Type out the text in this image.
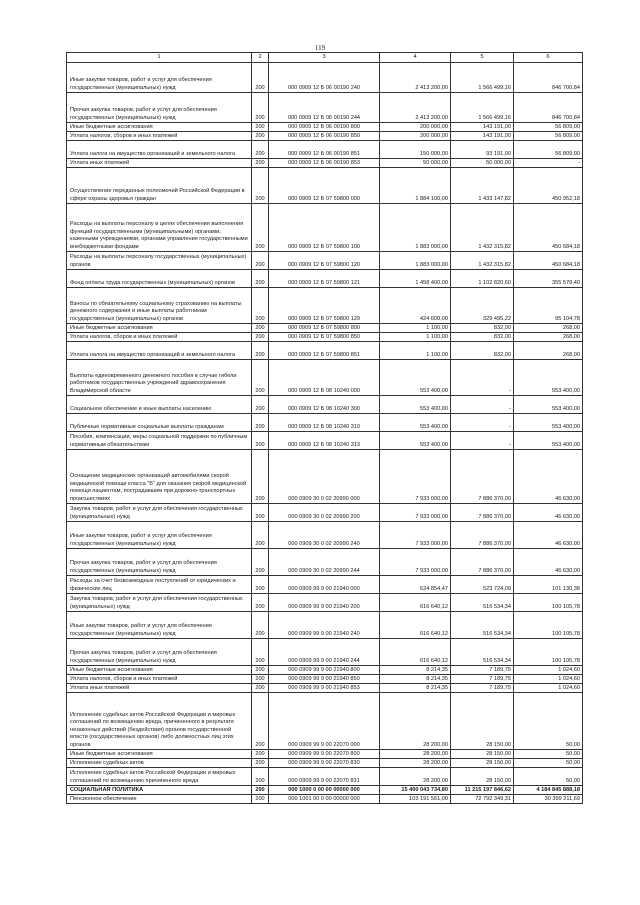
119
1	2	3	4	5	6
Иные закупки товаров, работ и услуг для обеспечения государственных (муниципальных) нужд	200	000 0909 12 Б 06 00190 240	2 413 200,00	1 566 499,16	846 700,84
Прочая закупка товаров, работ и услуг для обеспечения государственных (муниципальных) нужд	200	000 0909 12 Б 06 00190 244	2 413 200,00	1 566 499,16	846 700,84
Иные бюджетные ассигнования	200	000 0909 12 Б 06 00190 800	200 000,00	143 191,00	56 809,00
Уплата налогов, сборов и иных платежей	200	000 0909 12 Б 06 00190 850	200 000,00	143 191,00	56 809,00
Уплата налога на имущество организаций и земельного налога	200	000 0909 12 Б 06 00190 851	150 000,00	93 191,00	56 809,00
Уплата иных платежей	200	000 0909 12 Б 06 00190 853	50 000,00	50 000,00	-
Осуществление переданных полномочий Российской Федерации в сфере охраны здоровья граждан	200	000 0909 12 Б 07 59800 000	1 884 100,00	1 433 147,82	450 952,18
Расходы на выплаты персоналу в целях обеспечения выполнения функций государственными (муниципальными) органами, казенными учреждениями, органами управления государственными внебюджетными фондами	200	000 0909 12 Б 07 59800 100	1 883 000,00	1 432 315,82	450 684,18
Расходы на выплаты персоналу государственных (муниципальных) органов	200	000 0909 12 Б 07 59800 120	1 883 000,00	1 432 315,82	450 684,18
Фонд оплаты труда государственных (муниципальных) органов	200	000 0909 12 Б 07 59800 121	1 458 400,00	1 102 820,60	355 579,40
Взносы по обязательному социальному страхованию на выплаты денежного содержания и иные выплаты работникам государственных (муниципальных) органов	200	000 0909 12 Б 07 59800 129	424 600,00	329 495,22	95 104,78
Иные бюджетные ассигнования	200	000 0909 12 Б 07 59800 800	1 100,00	832,00	268,00
Уплата налогов, сборов и иных платежей	200	000 0909 12 Б 07 59800 850	1 100,00	832,00	268,00
Уплата налога на имущество организаций и земельного налога	200	000 0909 12 Б 07 59800 851	1 100,00	832,00	268,00
Выплаты единовременного денежного пособия в случае гибели работников государственных учреждений здравоохранения Владимирской области	200	000 0909 12 Б 08 10240 000	553 400,00	-	553 400,00
Социальное обеспечение и иные выплаты населению	200	000 0909 12 Б 08 10240 300	553 400,00	-	553 400,00
Публичные нормативные социальные выплаты гражданам	200	000 0909 12 Б 08 10240 310	553 400,00	-	553 400,00
Пособия, компенсации, меры социальной поддержки по публичным нормативным обязательствам	200	000 0909 12 Б 08 10240 313	553 400,00	-	553 400,00
Оснащение медицинских организаций автомобилями скорой медицинской помощи класса "Б" для оказания скорой медицинской помощи пациентам, пострадавшим при дорожно-транспортных происшествиях	200	000 0909 30 0 02 20990 000	7 933 000,00	7 886 370,00	46 630,00
Закупка товаров, работ и услуг для обеспечения государственных (муниципальных) нужд	200	000 0909 30 0 02 20990 200	7 933 000,00	7 886 370,00	46 630,00
Иные закупки товаров, работ и услуг для обеспечения государственных (муниципальных) нужд	200	000 0909 30 0 02 20990 240	7 933 000,00	7 886 370,00	46 630,00
Прочая закупка товаров, работ и услуг для обеспечения государственных (муниципальных) нужд	200	000 0909 30 0 02 20990 244	7 933 000,00	7 886 370,00	46 630,00
Расходы за счет безвозмездных поступлений от юридических и физических лиц	200	000 0909 99 9 00 21940 000	624 854,47	523 724,09	101 130,38
Закупка товаров, работ и услуг для обеспечения государственных (муниципальных) нужд	200	000 0909 99 9 00 21940 200	616 640,12	516 534,34	100 105,78
Иные закупки товаров, работ и услуг для обеспечения государственных (муниципальных) нужд	200	000 0909 99 9 00 21940 240	616 640,12	516 534,34	100 105,78
Прочая закупка товаров, работ и услуг для обеспечения государственных (муниципальных) нужд	200	000 0909 99 9 00 21940 244	616 640,12	516 534,34	100 105,78
Иные бюджетные ассигнования	200	000 0909 99 9 00 21940 800	8 214,35	7 189,75	1 024,60
Уплата налогов, сборов и иных платежей	200	000 0909 99 9 00 21940 850	8 214,35	7 189,75	1 024,60
Уплата иных платежей	200	000 0909 99 9 00 21940 853	8 214,35	7 189,75	1 024,60
Исполнение судебных актов Российской Федерации и мировых соглашений по возмещению вреда, причиненного в результате незаконных действий (бездействия) органов государственной власти (государственных органов) либо должностных лиц этих органов	200	000 0909 99 9 00 22070 000	28 200,00	28 150,00	50,00
Иные бюджетные ассигнования	200	000 0909 99 9 00 22070 800	28 200,00	28 150,00	50,00
Исполнение судебных актов	200	000 0909 99 9 00 22070 830	28 200,00	28 150,00	50,00
Исполнение судебных актов Российской Федерации и мировых соглашений по возмещению причиненного вреда	200	000 0909 99 9 00 22070 831	28 200,00	28 150,00	50,00
СОЦИАЛЬНАЯ ПОЛИТИКА	200	000 1000 0 00 00 00000 000	15 400 043 734,80	11 215 197 846,62	4 184 845 888,18
Пенсионное обеспечение	200	000 1001 00 0 00 00000 000	103 191 561,00	72 792 349,31	30 399 211,69
